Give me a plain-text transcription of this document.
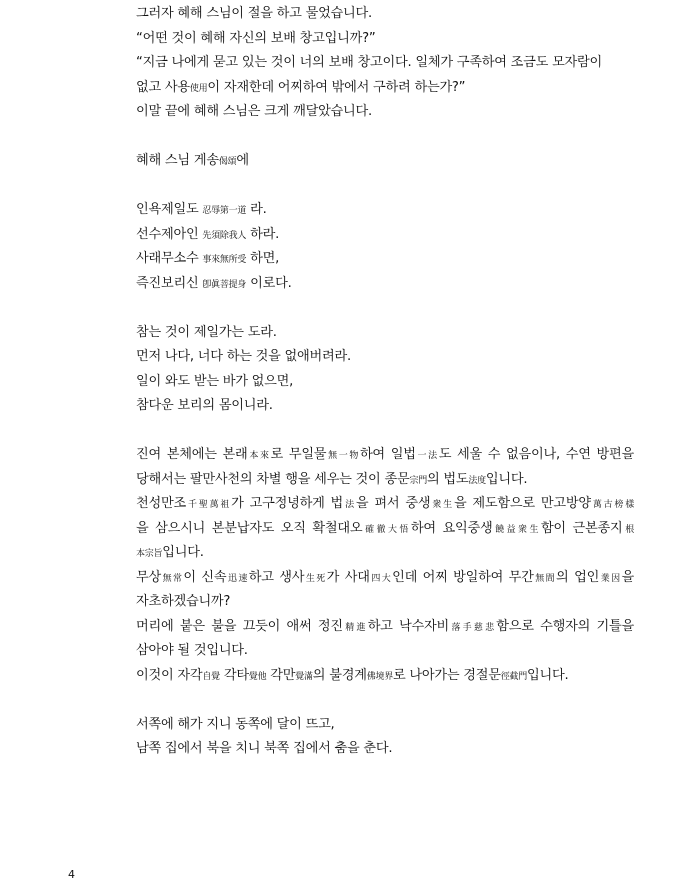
그러자 혜해 스님이 절을 하고 물었습니다.
“어떤 것이 혜해 자신의 보배 창고입니까?”
“지금 나에게 묻고 있는 것이 너의 보배 창고이다. 일체가 구족하여 조금도 모자람이
없고 사용使用이 자재한데 어찌하여 밖에서 구하려 하는가?”
이말 끝에 혜해 스님은 크게 깨달았습니다.
혜해 스님 게송偈頌에
인욕제일도 忍辱第一道 라.
선수제아인 先須除我人 하라.
사래무소수 事來無所受 하면,
즉진보리신 卽眞菩提身 이로다.
참는 것이 제일가는 도라.
먼저 나다, 너다 하는 것을 없애버려라.
일이 와도 받는 바가 없으면,
참다운 보리의 몸이니라.
진여 본체에는 본래本來로 무일물無一物하여 일법一法도 세울 수 없음이나, 수연 방편을
당해서는 팔만사천의 차별 행을 세우는 것이 종문宗門의 법도法度입니다.
천성만조千聖萬祖가 고구정녕하게 법法을 펴서 중생衆生을 제도함으로 만고방양萬古榜樣
을 삼으시니 본분납자도 오직 확철대오確徹大悟하여 요익중생饒益衆生함이 근본종지根
本宗旨입니다.
무상無常이 신속迅速하고 생사生死가 사대四大인데 어찌 방일하여 무간無間의 업인業因을
자초하겠습니까?
머리에 붙은 불을 끄듯이 애써 정진精進하고 낙수자비落手慈悲함으로 수행자의 기틀을
삼아야 될 것입니다.
이것이 자각自覺 각타覺他 각만覺滿의 불경계佛境界로 나아가는 경절문徑截門입니다.
서쪽에 해가 지니 동쪽에 달이 뜨고,
남쪽 집에서 북을 치니 북쪽 집에서 춤을 춘다.
4
